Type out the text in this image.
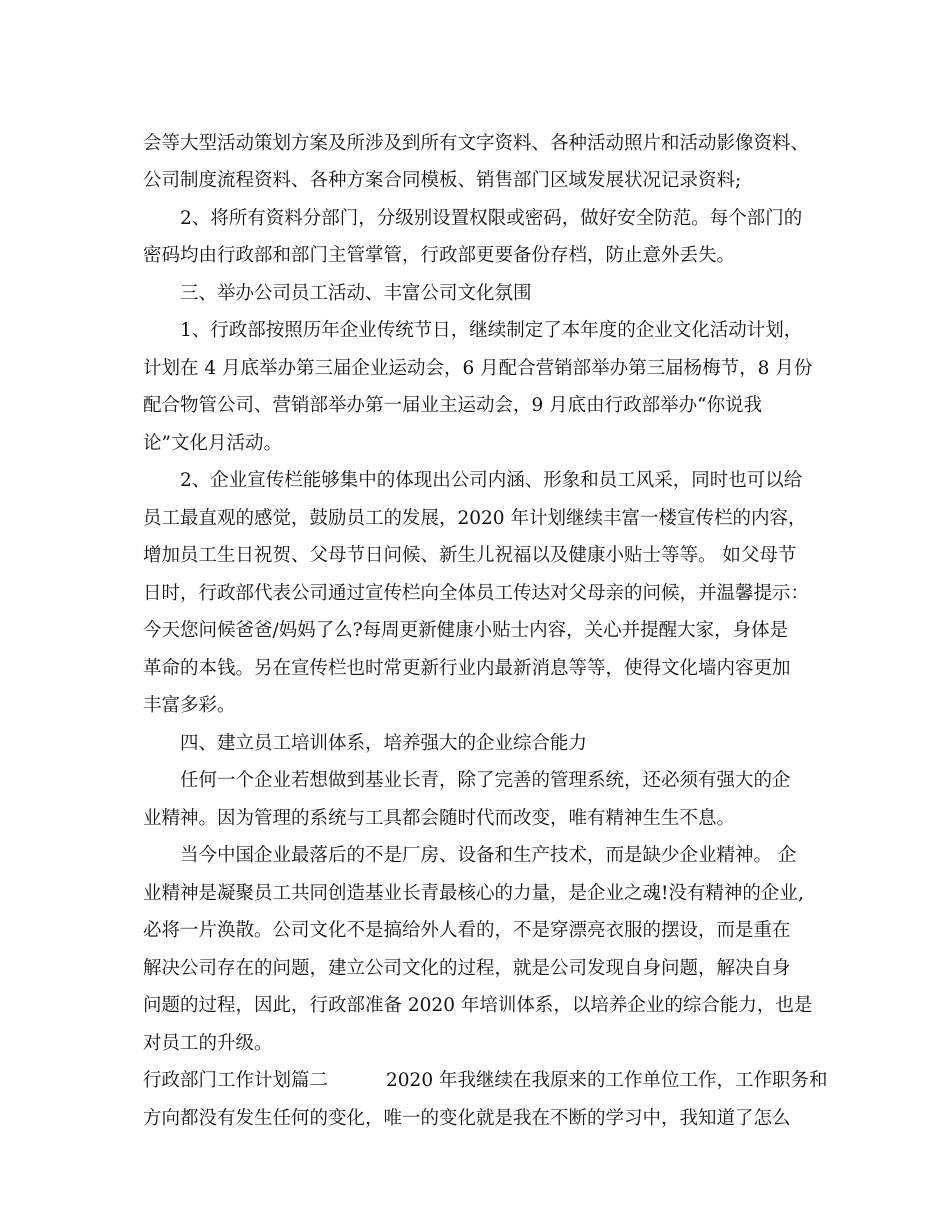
会等大型活动策划方案及所涉及到所有文字资料、各种活动照片和活动影像资料、
公司制度流程资料、各种方案合同模板、销售部门区域发展状况记录资料;
2、将所有资料分部门，分级别设置权限或密码，做好安全防范。每个部门的
密码均由行政部和部门主管掌管，行政部更要备份存档，防止意外丢失。
三、举办公司员工活动、丰富公司文化氛围
1、行政部按照历年企业传统节日，继续制定了本年度的企业文化活动计划，
计划在 4 月底举办第三届企业运动会，6 月配合营销部举办第三届杨梅节，8 月份
配合物管公司、营销部举办第一届业主运动会，9 月底由行政部举办“你说我
论”文化月活动。
2、企业宣传栏能够集中的体现出公司内涵、形象和员工风采，同时也可以给
员工最直观的感觉，鼓励员工的发展，2020 年计划继续丰富一楼宣传栏的内容，
增加员工生日祝贺、父母节日问候、新生儿祝福以及健康小贴士等等。 如父母节
日时，行政部代表公司通过宣传栏向全体员工传达对父母亲的问候，并温馨提示：
今天您问候爸爸/妈妈了么?每周更新健康小贴士内容，关心并提醒大家，身体是
革命的本钱。另在宣传栏也时常更新行业内最新消息等等，使得文化墙内容更加
丰富多彩。
四、建立员工培训体系，培养强大的企业综合能力
任何一个企业若想做到基业长青，除了完善的管理系统，还必须有强大的企
业精神。因为管理的系统与工具都会随时代而改变，唯有精神生生不息。
当今中国企业最落后的不是厂房、设备和生产技术，而是缺少企业精神。 企
业精神是凝聚员工共同创造基业长青最核心的力量，是企业之魂!没有精神的企业,
必将一片涣散。公司文化不是搞给外人看的，不是穿漂亮衣服的摆设，而是重在
解决公司存在的问题，建立公司文化的过程，就是公司发现自身问题，解决自身
问题的过程，因此，行政部准备 2020 年培训体系，以培养企业的综合能力，也是
对员工的升级。
行政部门工作计划篇二	2020 年我继续在我原来的工作单位工作，工作职务和
方向都没有发生任何的变化，唯一的变化就是我在不断的学习中，我知道了怎么
